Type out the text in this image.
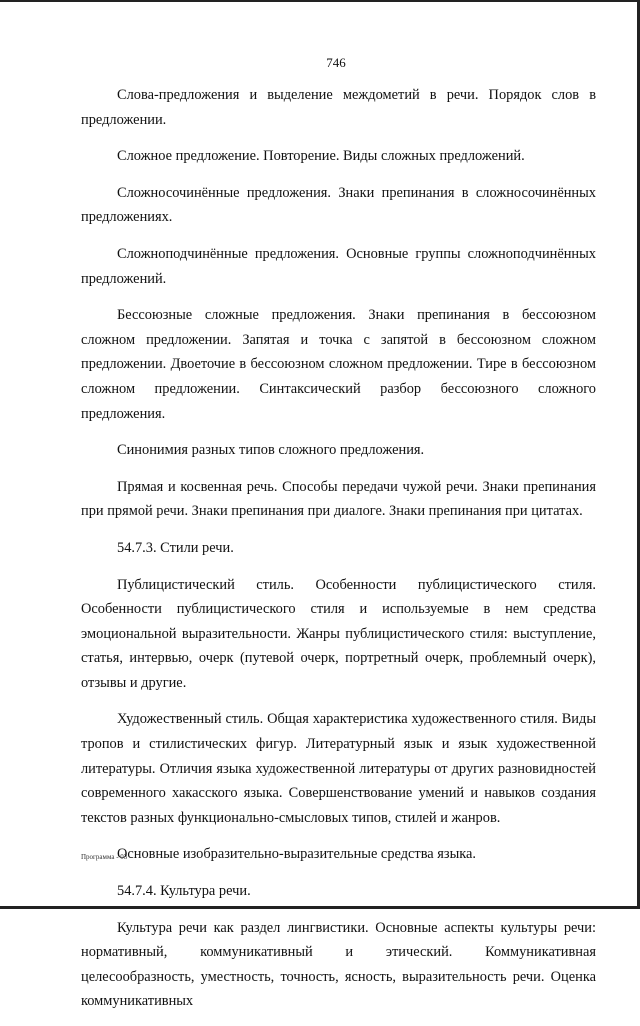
746

Слова-предложения и выделение междометий в речи. Порядок слов в предложении.

Сложное предложение. Повторение. Виды сложных предложений.

Сложносочинённые предложения. Знаки препинания в сложносочинённых предложениях.

Сложноподчинённые предложения. Основные группы сложноподчинённых предложений.

Бессоюзные сложные предложения. Знаки препинания в бессоюзном сложном предложении. Запятая и точка с запятой в бессоюзном сложном предложении. Двоеточие в бессоюзном сложном предложении. Тире в бессоюзном сложном предложении. Синтаксический разбор бессоюзного сложного предложения.

Синонимия разных типов сложного предложения.

Прямая и косвенная речь. Способы передачи чужой речи. Знаки препинания при прямой речи. Знаки препинания при диалоге. Знаки препинания при цитатах.

54.7.3. Стили речи.

Публицистический стиль. Особенности публицистического стиля. Особенности публицистического стиля и используемые в нем средства эмоциональной выразительности. Жанры публицистического стиля: выступление, статья, интервью, очерк (путевой очерк, портретный очерк, проблемный очерк), отзывы и другие.

Художественный стиль. Общая характеристика художественного стиля. Виды тропов и стилистических фигур. Литературный язык и язык художественной литературы. Отличия языка художественной литературы от других разновидностей современного хакасского языка. Совершенствование умений и навыков создания текстов разных функционально-смысловых типов, стилей и жанров.

Основные изобразительно-выразительные средства языка.

54.7.4. Культура речи.

Культура речи как раздел лингвистики. Основные аспекты культуры речи: нормативный, коммуникативный и этический. Коммуникативная целесообразность, уместность, точность, ясность, выразительность речи. Оценка коммуникативных

Программа - 03
